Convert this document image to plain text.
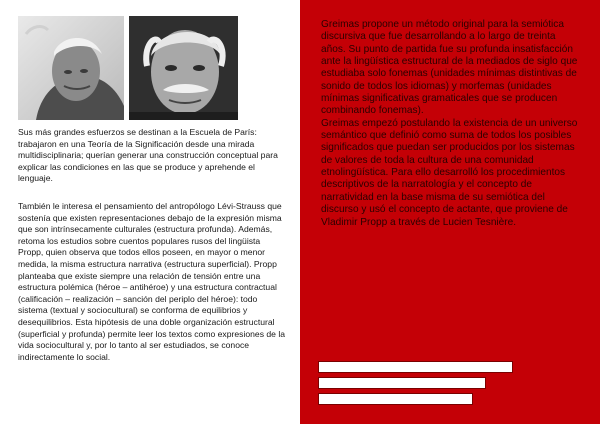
Sus más grandes esfuerzos se destinan a la Escuela de París: trabajaron en una Teoría de la Significación desde una mirada multidisciplinaria; querían generar una construcción conceptual para explicar las condiciones en las que se produce y aprehende el lenguaje.

También le interesa el pensamiento del antropólogo Lévi-Strauss que sostenía que existen representaciones debajo de la expresión misma que son intrínsecamente culturales (estructura profunda). Además, retoma los estudios sobre cuentos populares rusos del lingüista Propp, quien observa que todos ellos poseen, en mayor o menor medida, la misma estructura narrativa (estructura superficial). Propp planteaba que existe siempre una relación de tensión entre una estructura polémica (héroe – antihéroe) y una estructura contractual (calificación – realización – sanción del periplo del héroe): todo sistema (textual y sociocultural) se conforma de equilibrios y desequilibrios. Esta hipótesis de una doble organización estructural (superficial y profunda) permite leer los textos como expresiones de la vida sociocultural y, por lo tanto al ser estudiados, se conoce indirectamente lo social.

Greimas propone un método original para la semiótica discursiva que fue desarrollando a lo largo de treinta años. Su punto de partida fue su profunda insatisfacción ante la lingüística estructural de la mediados de siglo que estudiaba solo fonemas (unidades mínimas distintivas de sonido de todos los idiomas) y morfemas (unidades mínimas significativas gramaticales que se producen combinando fonemas).
Greimas empezó postulando la existencia de un universo semántico que definió como suma de todos los posibles significados que puedan ser producidos por los sistemas de valores de toda la cultura de una comunidad etnolingüística. Para ello desarrolló los procedimientos descriptivos de la narratología y el concepto de narratividad en la base misma de su semiótica del discurso y usó el concepto de actante, que proviene de Vladimir Propp a través de Lucien Tesnière.
